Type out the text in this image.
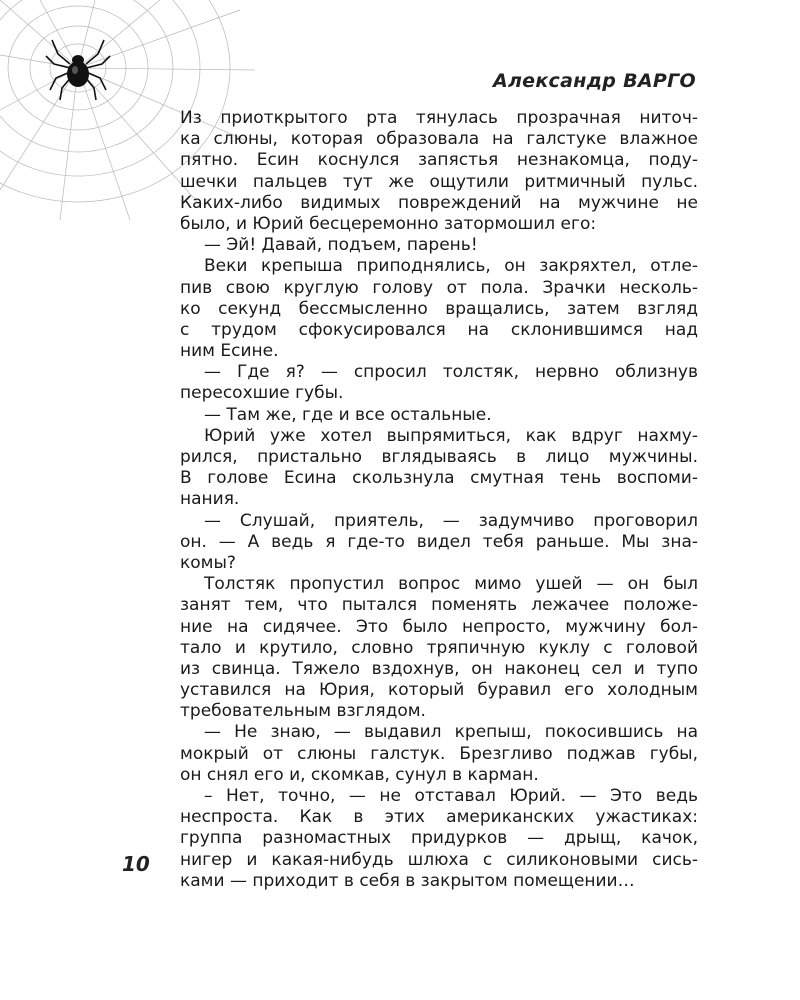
Александр ВАРГО
Из приоткрытого рта тянулась прозрачная ниточ-
ка слюны, которая образовала на галстуке влажное
пятно. Есин коснулся запястья незнакомца, поду-
шечки пальцев тут же ощутили ритмичный пульс.
Каких-либо видимых повреждений на мужчине не
было, и Юрий бесцеремонно затормошил его:
— Эй! Давай, подъем, парень!
Веки крепыша приподнялись, он закряхтел, отле-
пив свою круглую голову от пола. Зрачки несколь-
ко секунд бессмысленно вращались, затем взгляд
с трудом сфокусировался на склонившимся над
ним Есине.
— Где я? — спросил толстяк, нервно облизнув
пересохшие губы.
— Там же, где и все остальные.
Юрий уже хотел выпрямиться, как вдруг нахму-
рился, пристально вглядываясь в лицо мужчины.
В голове Есина скользнула смутная тень воспоми-
нания.
— Слушай, приятель, — задумчиво проговорил
он. — А ведь я где-то видел тебя раньше. Мы зна-
комы?
Толстяк пропустил вопрос мимо ушей — он был
занят тем, что пытался поменять лежачее положе-
ние на сидячее. Это было непросто, мужчину бол-
тало и крутило, словно тряпичную куклу с головой
из свинца. Тяжело вздохнув, он наконец сел и тупо
уставился на Юрия, который буравил его холодным
требовательным взглядом.
— Не знаю, — выдавил крепыш, покосившись на
мокрый от слюны галстук. Брезгливо поджав губы,
он снял его и, скомкав, сунул в карман.
– Нет, точно, — не отставал Юрий. — Это ведь
неспроста. Как в этих американских ужастиках:
группа разномастных придурков — дрыщ, качок,
нигер и какая-нибудь шлюха с силиконовыми сись-
ками — приходит в себя в закрытом помещении…
10
